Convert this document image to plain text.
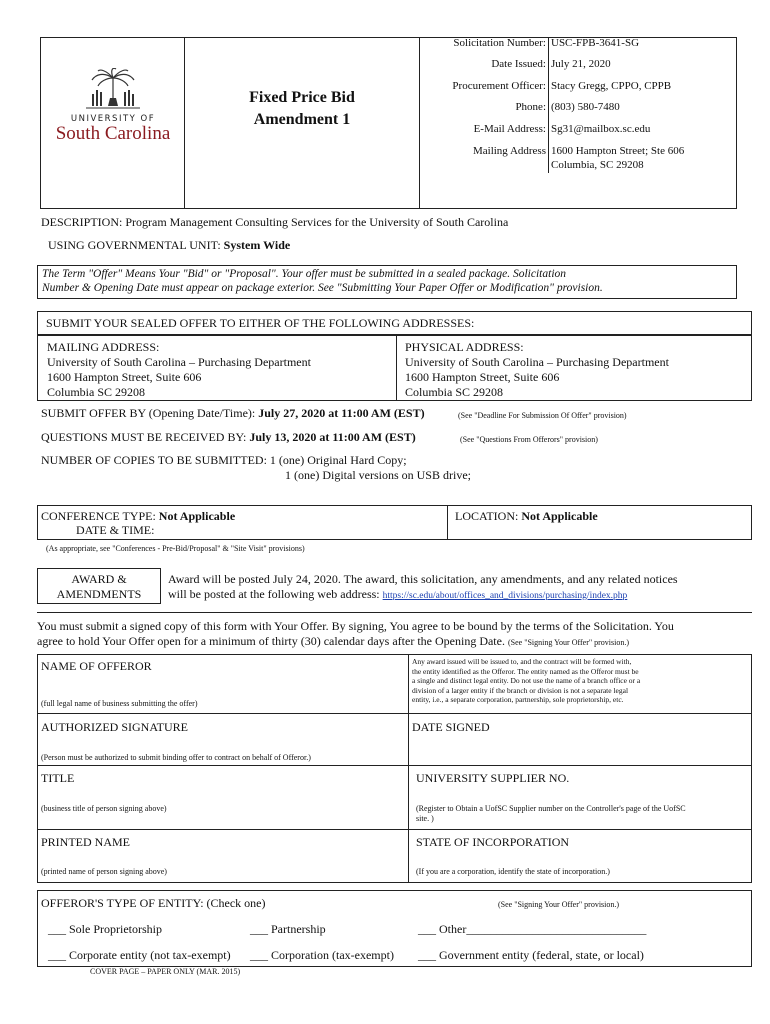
UNIVERSITY OF
South Carolina
Fixed Price Bid
Amendment 1
Solicitation Number: USC-FPB-3641-SG
Date Issued: July 21, 2020
Procurement Officer: Stacy Gregg, CPPO, CPPB
Phone: (803) 580-7480
E-Mail Address: Sg31@mailbox.sc.edu
Mailing Address 1600 Hampton Street; Ste 606
Columbia, SC 29208
DESCRIPTION: Program Management Consulting Services for the University of South Carolina
USING GOVERNMENTAL UNIT: System Wide
The Term "Offer" Means Your "Bid" or "Proposal". Your offer must be submitted in a sealed package. Solicitation
Number & Opening Date must appear on package exterior. See "Submitting Your Paper Offer or Modification" provision.
SUBMIT YOUR SEALED OFFER TO EITHER OF THE FOLLOWING ADDRESSES:
MAILING ADDRESS:
University of South Carolina – Purchasing Department
1600 Hampton Street, Suite 606
Columbia SC 29208
PHYSICAL ADDRESS:
University of South Carolina – Purchasing Department
1600 Hampton Street, Suite 606
Columbia SC 29208
SUBMIT OFFER BY (Opening Date/Time): July 27, 2020 at 11:00 AM (EST)	(See "Deadline For Submission Of Offer" provision)
QUESTIONS MUST BE RECEIVED BY: July 13, 2020 at 11:00 AM (EST)	(See "Questions From Offerors" provision)
NUMBER OF COPIES TO BE SUBMITTED: 1 (one) Original Hard Copy;
1 (one) Digital versions on USB drive;
CONFERENCE TYPE: Not Applicable
DATE & TIME:
LOCATION: Not Applicable
(As appropriate, see "Conferences - Pre-Bid/Proposal" & "Site Visit" provisions)
AWARD &
AMENDMENTS
Award will be posted July 24, 2020. The award, this solicitation, any amendments, and any related notices
will be posted at the following web address: https://sc.edu/about/offices_and_divisions/purchasing/index.php
You must submit a signed copy of this form with Your Offer. By signing, You agree to be bound by the terms of the Solicitation. You
agree to hold Your Offer open for a minimum of thirty (30) calendar days after the Opening Date. (See "Signing Your Offer" provision.)
NAME OF OFFEROR
(full legal name of business submitting the offer)
Any award issued will be issued to, and the contract will be formed with,
the entity identified as the Offeror. The entity named as the Offeror must be
a single and distinct legal entity. Do not use the name of a branch office or a
division of a larger entity if the branch or division is not a separate legal
entity, i.e., a separate corporation, partnership, sole proprietorship, etc.
AUTHORIZED SIGNATURE
(Person must be authorized to submit binding offer to contract on behalf of Offeror.)
DATE SIGNED
TITLE
(business title of person signing above)
UNIVERSITY SUPPLIER NO.
(Register to Obtain a UofSC Supplier number on the Controller's page of the UofSC
site. )
PRINTED NAME
(printed name of person signing above)
STATE OF INCORPORATION
(If you are a corporation, identify the state of incorporation.)
OFFEROR'S TYPE OF ENTITY: (Check one)	(See "Signing Your Offer" provision.)
___ Sole Proprietorship	___ Partnership	___ Other______________________________
___ Corporate entity (not tax-exempt) ___ Corporation (tax-exempt) ___ Government entity (federal, state, or local)
COVER PAGE – PAPER ONLY (MAR. 2015)
